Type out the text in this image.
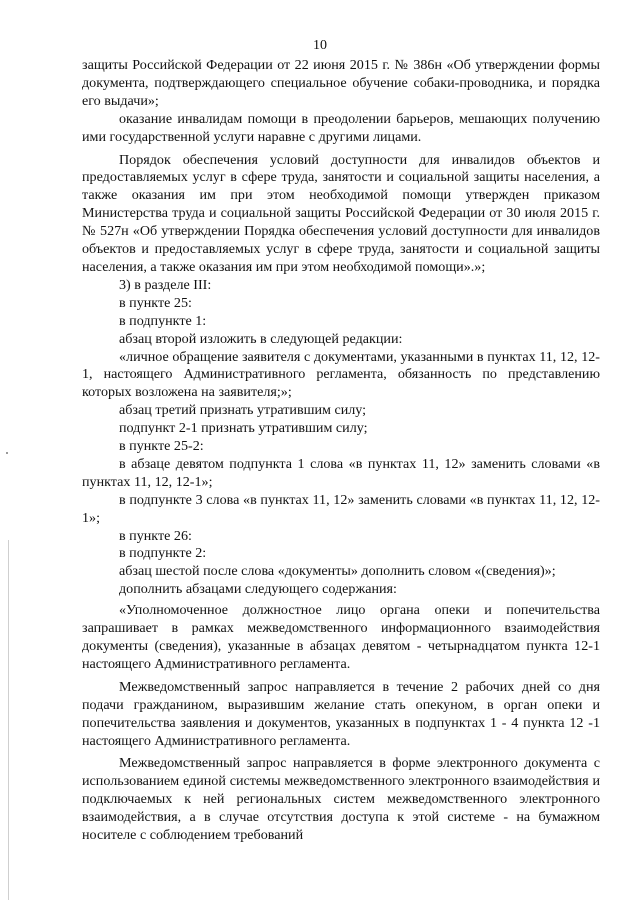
10

защиты Российской Федерации от 22 июня 2015 г. № 386н «Об утверждении формы документа, подтверждающего специальное обучение собаки-проводника, и порядка его выдачи»;

оказание инвалидам помощи в преодолении барьеров, мешающих получению ими государственной услуги наравне с другими лицами.

Порядок обеспечения условий доступности для инвалидов объектов и предоставляемых услуг в сфере труда, занятости и социальной защиты населения, а также оказания им при этом необходимой помощи утвержден приказом Министерства труда и социальной защиты Российской Федерации от 30 июля 2015 г. № 527н «Об утверждении Порядка обеспечения условий доступности для инвалидов объектов и предоставляемых услуг в сфере труда, занятости и социальной защиты населения, а также оказания им при этом необходимой помощи».»;

3) в разделе III:

в пункте 25:

в подпункте 1:

абзац второй изложить в следующей редакции:

«личное обращение заявителя с документами, указанными в пунктах 11, 12, 12-1, настоящего Административного регламента, обязанность по представлению которых возложена на заявителя;»;

абзац третий признать утратившим силу;

подпункт 2-1 признать утратившим силу;

в пункте 25-2:

в абзаце девятом подпункта 1 слова «в пунктах 11, 12» заменить словами «в пунктах 11, 12, 12-1»;

в подпункте 3 слова «в пунктах 11, 12» заменить словами «в пунктах 11, 12, 12-1»;

в пункте 26:

в подпункте 2:

абзац шестой после слова «документы» дополнить словом «(сведения)»;

дополнить абзацами следующего содержания:

«Уполномоченное должностное лицо органа опеки и попечительства запрашивает в рамках межведомственного информационного взаимодействия документы (сведения), указанные в абзацах девятом - четырнадцатом пункта 12-1 настоящего Административного регламента.

Межведомственный запрос направляется в течение 2 рабочих дней со дня подачи гражданином, выразившим желание стать опекуном, в орган опеки и попечительства заявления и документов, указанных в подпунктах 1 - 4 пункта 12 -1 настоящего Административного регламента.

Межведомственный запрос направляется в форме электронного документа с использованием единой системы межведомственного электронного взаимодействия и подключаемых к ней региональных систем межведомственного электронного взаимодействия, а в случае отсутствия доступа к этой системе - на бумажном носителе с соблюдением требований
